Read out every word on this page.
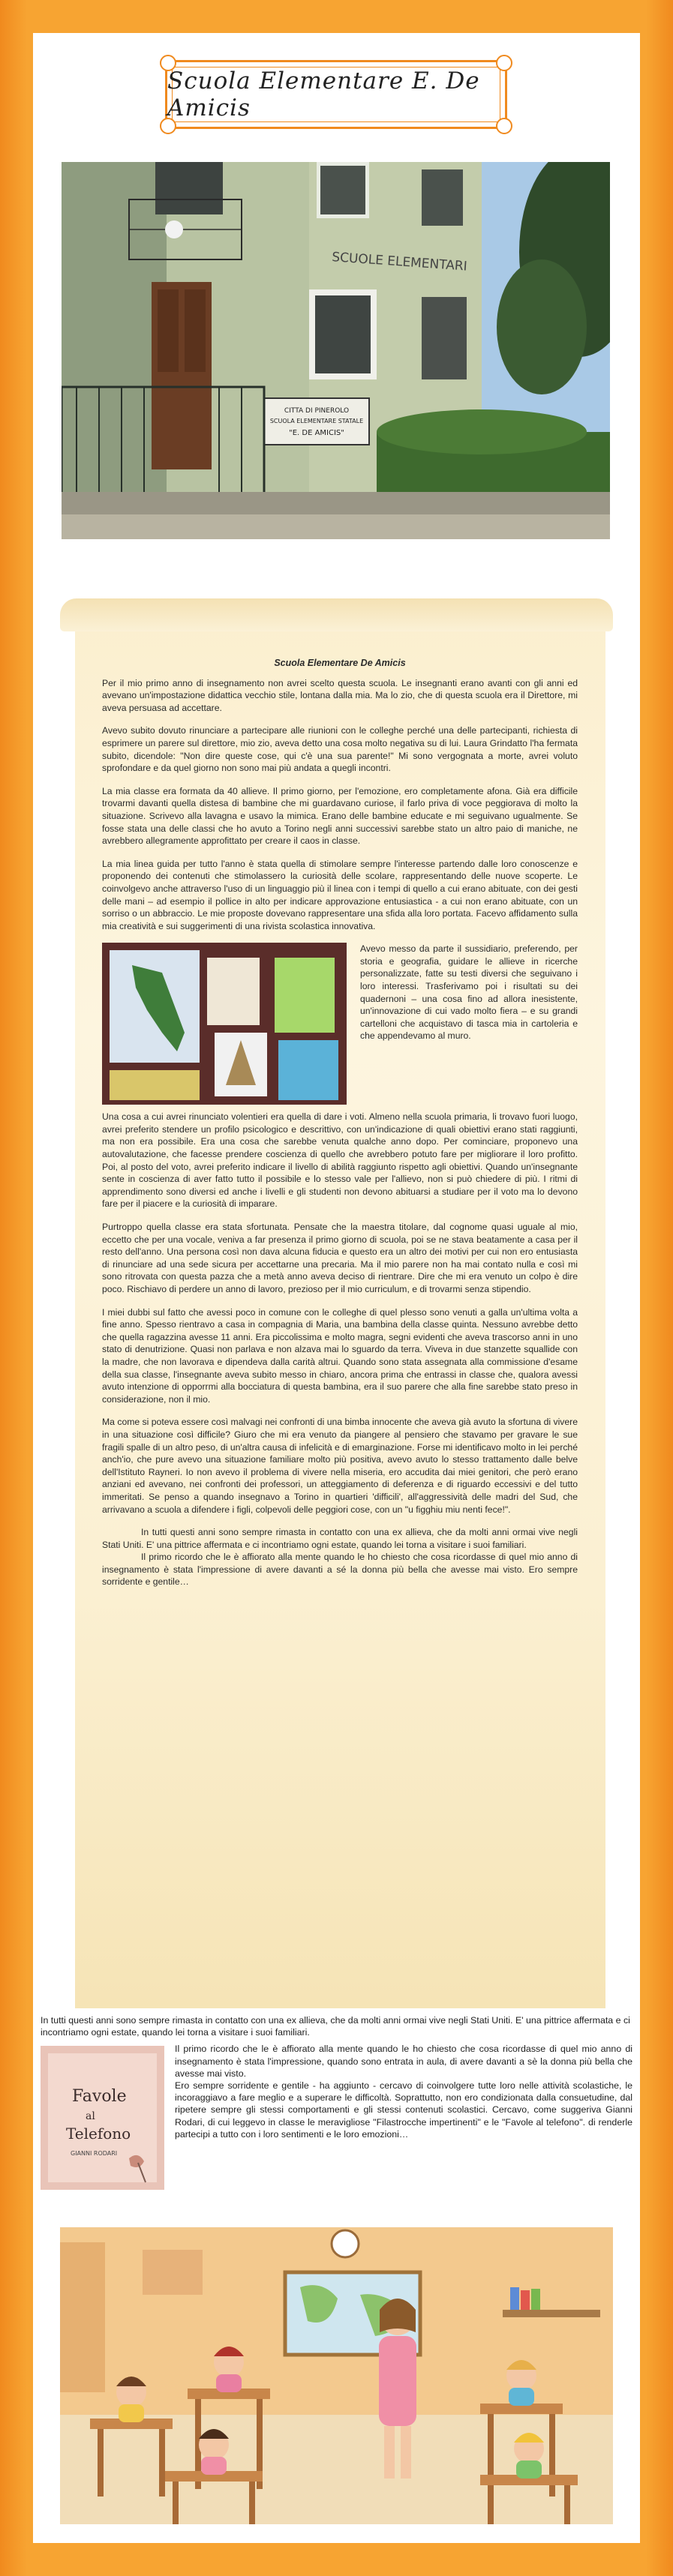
Scuola Elementare E. De Amicis
SCUOLE ELEMENTARI
CITTA DI PINEROLO
SCUOLA ELEMENTARE STATALE
"E. DE AMICIS"
Scuola Elementare De Amicis

Per il mio primo anno di insegnamento non avrei scelto questa scuola. Le insegnanti erano avanti con gli anni ed avevano un'impostazione didattica vecchio stile, lontana dalla mia. Ma lo zio, che di questa scuola era il Direttore, mi aveva persuasa ad accettare.

Avevo subito dovuto rinunciare a partecipare alle riunioni con le colleghe perché una delle partecipanti, richiesta di esprimere un parere sul direttore, mio zio, aveva detto una cosa molto negativa su di lui. Laura Grindatto l'ha fermata subito, dicendole: "Non dire queste cose, qui c'è una sua parente!" Mi sono vergognata a morte, avrei voluto sprofondare e da quel giorno non sono mai più andata a quegli incontri.

La mia classe era formata da 40 allieve. Il primo giorno, per l'emozione, ero completamente afona. Già era difficile trovarmi davanti quella distesa di bambine che mi guardavano curiose, il farlo priva di voce peggiorava di molto la situazione. Scrivevo alla lavagna e usavo la mimica. Erano delle bambine educate e mi seguivano ugualmente. Se fosse stata una delle classi che ho avuto a Torino negli anni successivi sarebbe stato un altro paio di maniche, ne avrebbero allegramente approfittato per creare il caos in classe.

La mia linea guida per tutto l'anno è stata quella di stimolare sempre l'interesse partendo dalle loro conoscenze e proponendo dei contenuti che stimolassero la curiosità delle scolare, rappresentando delle nuove scoperte. Le coinvolgevo anche attraverso l'uso di un linguaggio più il linea con i tempi di quello a cui erano abituate, con dei gesti delle mani – ad esempio il pollice in alto per indicare approvazione entusiastica - a cui non erano abituate, con un sorriso o un abbraccio. Le mie proposte dovevano rappresentare una sfida alla loro portata. Facevo affidamento sulla mia creatività e sui suggerimenti di una rivista scolastica innovativa.

Avevo messo da parte il sussidiario, preferendo, per storia e geografia, guidare le allieve in ricerche personalizzate, fatte su testi diversi che seguivano i loro interessi. Trasferivamo poi i risultati su dei quadernoni – una cosa fino ad allora inesistente, un'innovazione di cui vado molto fiera – e su grandi cartelloni che acquistavo di tasca mia in cartoleria e che appendevamo al muro.

Una cosa a cui avrei rinunciato volentieri era quella di dare i voti. Almeno nella scuola primaria, li trovavo fuori luogo, avrei preferito stendere un profilo psicologico e descrittivo, con un'indicazione di quali obiettivi erano stati raggiunti, ma non era possibile. Era una cosa che sarebbe venuta qualche anno dopo. Per cominciare, proponevo una autovalutazione, che facesse prendere coscienza di quello che avrebbero potuto fare per migliorare il loro profitto. Poi, al posto del voto, avrei preferito indicare il livello di abilità raggiunto rispetto agli obiettivi. Quando un'insegnante sente in coscienza di aver fatto tutto il possibile e lo stesso vale per l'allievo, non si può chiedere di più. I ritmi di apprendimento sono diversi ed anche i livelli e gli studenti non devono abituarsi a studiare per il voto ma lo devono fare per il piacere e la curiosità di imparare.

Purtroppo quella classe era stata sfortunata. Pensate che la maestra titolare, dal cognome quasi uguale al mio, eccetto che per una vocale, veniva a far presenza il primo giorno di scuola, poi se ne stava beatamente a casa per il resto dell'anno. Una persona così non dava alcuna fiducia e questo era un altro dei motivi per cui non ero entusiasta di rinunciare ad una sede sicura per accettarne una precaria. Ma il mio parere non ha mai contato nulla e così mi sono ritrovata con questa pazza che a metà anno aveva deciso di rientrare. Dire che mi era venuto un colpo è dire poco. Rischiavo di perdere un anno di lavoro, prezioso per il mio curriculum, e di trovarmi senza stipendio.

I miei dubbi sul fatto che avessi poco in comune con le colleghe di quel plesso sono venuti a galla un'ultima volta a fine anno. Spesso rientravo a casa in compagnia di Maria, una bambina della classe quinta. Nessuno avrebbe detto che quella ragazzina avesse 11 anni. Era piccolissima e molto magra, segni evidenti che aveva trascorso anni in uno stato di denutrizione. Quasi non parlava e non alzava mai lo sguardo da terra. Viveva in due stanzette squallide con la madre, che non lavorava e dipendeva dalla carità altrui. Quando sono stata assegnata alla commissione d'esame della sua classe, l'insegnante aveva subito messo in chiaro, ancora prima che entrassi in classe che, qualora avessi avuto intenzione di opporrmi alla bocciatura di questa bambina, era il suo parere che alla fine sarebbe stato preso in considerazione, non il mio.

Ma come si poteva essere così malvagi nei confronti di una bimba innocente che aveva già avuto la sfortuna di vivere in una situazione così difficile? Giuro che mi era venuto da piangere al pensiero che stavamo per gravare le sue fragili spalle di un altro peso, di un'altra causa di infelicità e di emarginazione. Forse mi identificavo molto in lei perché anch'io, che pure avevo una situazione familiare molto più positiva, avevo avuto lo stesso trattamento dalle belve dell'Istituto Rayneri. Io non avevo il problema di vivere nella miseria, ero accudita dai miei genitori, che però erano anziani ed avevano, nei confronti dei professori, un atteggiamento di deferenza e di riguardo eccessivi e del tutto immeritati. Se penso a quando insegnavo a Torino in quartieri 'difficili', all'aggressività delle madri del Sud, che arrivavano a scuola a difendere i figli, colpevoli delle peggiori cose, con un "u figghiu miu nenti fece!".

In tutti questi anni sono sempre rimasta in contatto con una ex allieva, che da molti anni ormai vive negli Stati Uniti. E' una pittrice affermata e ci incontriamo ogni estate, quando lei torna a visitare i suoi familiari.

Il primo ricordo che le è affiorato alla mente quando le ho chiesto che cosa ricordasse di quel mio anno di insegnamento è stata l'impressione di avere davanti a sé la donna più bella che avesse mai visto. Ero sempre sorridente e gentile…

In tutti questi anni sono sempre rimasta in contatto con una ex allieva, che da molti anni ormai vive negli Stati Uniti. E' una pittrice affermata e ci incontriamo ogni estate, quando lei torna a visitare i suoi familiari.

Favole
al
Telefono
GIANNI RODARI

Il primo ricordo che le è affiorato alla mente quando le ho chiesto che cosa ricordasse di quel mio anno di insegnamento è stata l'impressione, quando sono entrata in aula, di avere davanti a sè la donna più bella che avesse mai visto.

Ero sempre sorridente e gentile - ha aggiunto - cercavo di coinvolgere tutte loro nelle attività scolastiche, le incoraggiavo a fare meglio e a superare le difficoltà. Soprattutto, non ero condizionata dalla consuetudine, dal ripetere sempre gli stessi comportamenti e gli stessi contenuti scolastici. Cercavo, come suggeriva Gianni Rodari, di cui leggevo in classe le meravigliose "Filastrocche impertinenti" e le "Favole al telefono". di renderle partecipi a tutto con i loro sentimenti e le loro emozioni…
